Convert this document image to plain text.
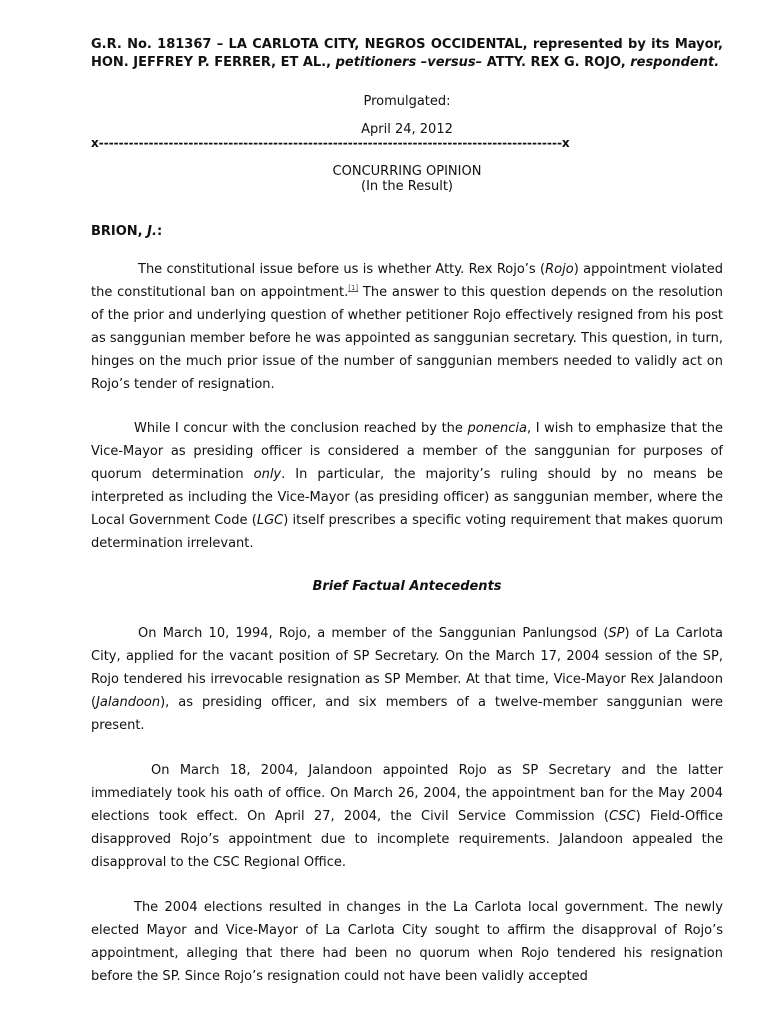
G.R. No. 181367 – LA CARLOTA CITY, NEGROS OCCIDENTAL, represented by its Mayor, HON. JEFFREY P. FERRER, ET AL., petitioners –versus– ATTY. REX G. ROJO, respondent.
Promulgated:
April 24, 2012
x---------------------------------------------------------------------------------------------x
CONCURRING OPINION
(In the Result)
BRION, J.:

The constitutional issue before us is whether Atty. Rex Rojo’s (Rojo) appointment violated the constitutional ban on appointment.[1] The answer to this question depends on the resolution of the prior and underlying question of whether petitioner Rojo effectively resigned from his post as sanggunian member before he was appointed as sanggunian secretary. This question, in turn, hinges on the much prior issue of the number of sanggunian members needed to validly act on Rojo’s tender of resignation.

While I concur with the conclusion reached by the ponencia, I wish to emphasize that the Vice-Mayor as presiding officer is considered a member of the sanggunian for purposes of quorum determination only. In particular, the majority’s ruling should by no means be interpreted as including the Vice-Mayor (as presiding officer) as sanggunian member, where the Local Government Code (LGC) itself prescribes a specific voting requirement that makes quorum determination irrelevant.

Brief Factual Antecedents

On March 10, 1994, Rojo, a member of the Sanggunian Panlungsod (SP) of La Carlota City, applied for the vacant position of SP Secretary. On the March 17, 2004 session of the SP, Rojo tendered his irrevocable resignation as SP Member. At that time, Vice-Mayor Rex Jalandoon (Jalandoon), as presiding officer, and six members of a twelve-member sanggunian were present.

On March 18, 2004, Jalandoon appointed Rojo as SP Secretary and the latter immediately took his oath of office. On March 26, 2004, the appointment ban for the May 2004 elections took effect. On April 27, 2004, the Civil Service Commission (CSC) Field-Office disapproved Rojo’s appointment due to incomplete requirements. Jalandoon appealed the disapproval to the CSC Regional Office.

The 2004 elections resulted in changes in the La Carlota local government. The newly elected Mayor and Vice-Mayor of La Carlota City sought to affirm the disapproval of Rojo’s appointment, alleging that there had been no quorum when Rojo tendered his resignation before the SP. Since Rojo’s resignation could not have been validly accepted
